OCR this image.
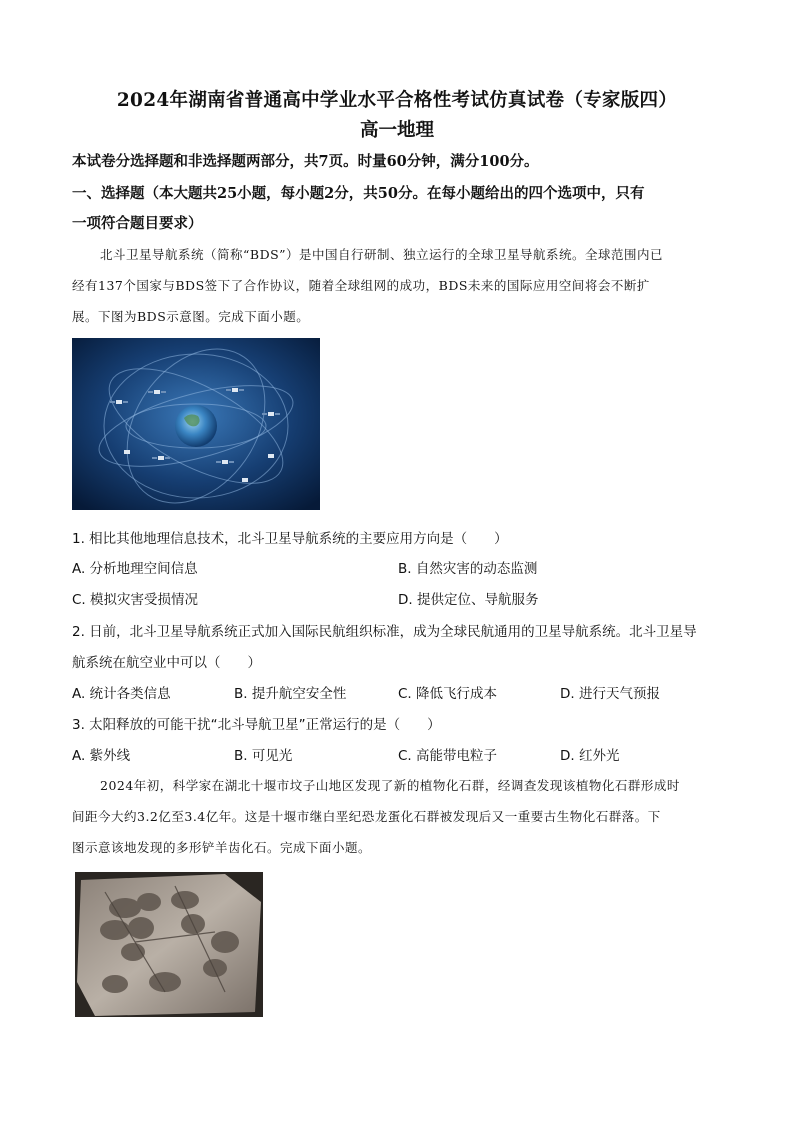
2024年湖南省普通高中学业水平合格性考试仿真试卷（专家版四）
高一地理
本试卷分选择题和非选择题两部分，共7页。时量60分钟，满分100分。
一、选择题（本大题共25小题，每小题2分，共50分。在每小题给出的四个选项中，只有
一项符合题目要求）
北斗卫星导航系统（简称“BDS”）是中国自行研制、独立运行的全球卫星导航系统。全球范围内已
经有137个国家与BDS签下了合作协议，随着全球组网的成功，BDS未来的国际应用空间将会不断扩
展。下图为BDS示意图。完成下面小题。
1. 相比其他地理信息技术，北斗卫星导航系统的主要应用方向是（　　）
A. 分析地理空间信息	B. 自然灾害的动态监测
C. 模拟灾害受损情况	D. 提供定位、导航服务
2. 日前，北斗卫星导航系统正式加入国际民航组织标准，成为全球民航通用的卫星导航系统。北斗卫星导
航系统在航空业中可以（　　）
A. 统计各类信息	B. 提升航空安全性	C. 降低飞行成本	D. 进行天气预报
3. 太阳释放的可能干扰“北斗导航卫星”正常运行的是（　　）
A. 紫外线	B. 可见光	C. 高能带电粒子	D. 红外光
2024年初，科学家在湖北十堰市坟子山地区发现了新的植物化石群，经调查发现该植物化石群形成时
间距今大约3.2亿至3.4亿年。这是十堰市继白垩纪恐龙蛋化石群被发现后又一重要古生物化石群落。下
图示意该地发现的多形铲羊齿化石。完成下面小题。
